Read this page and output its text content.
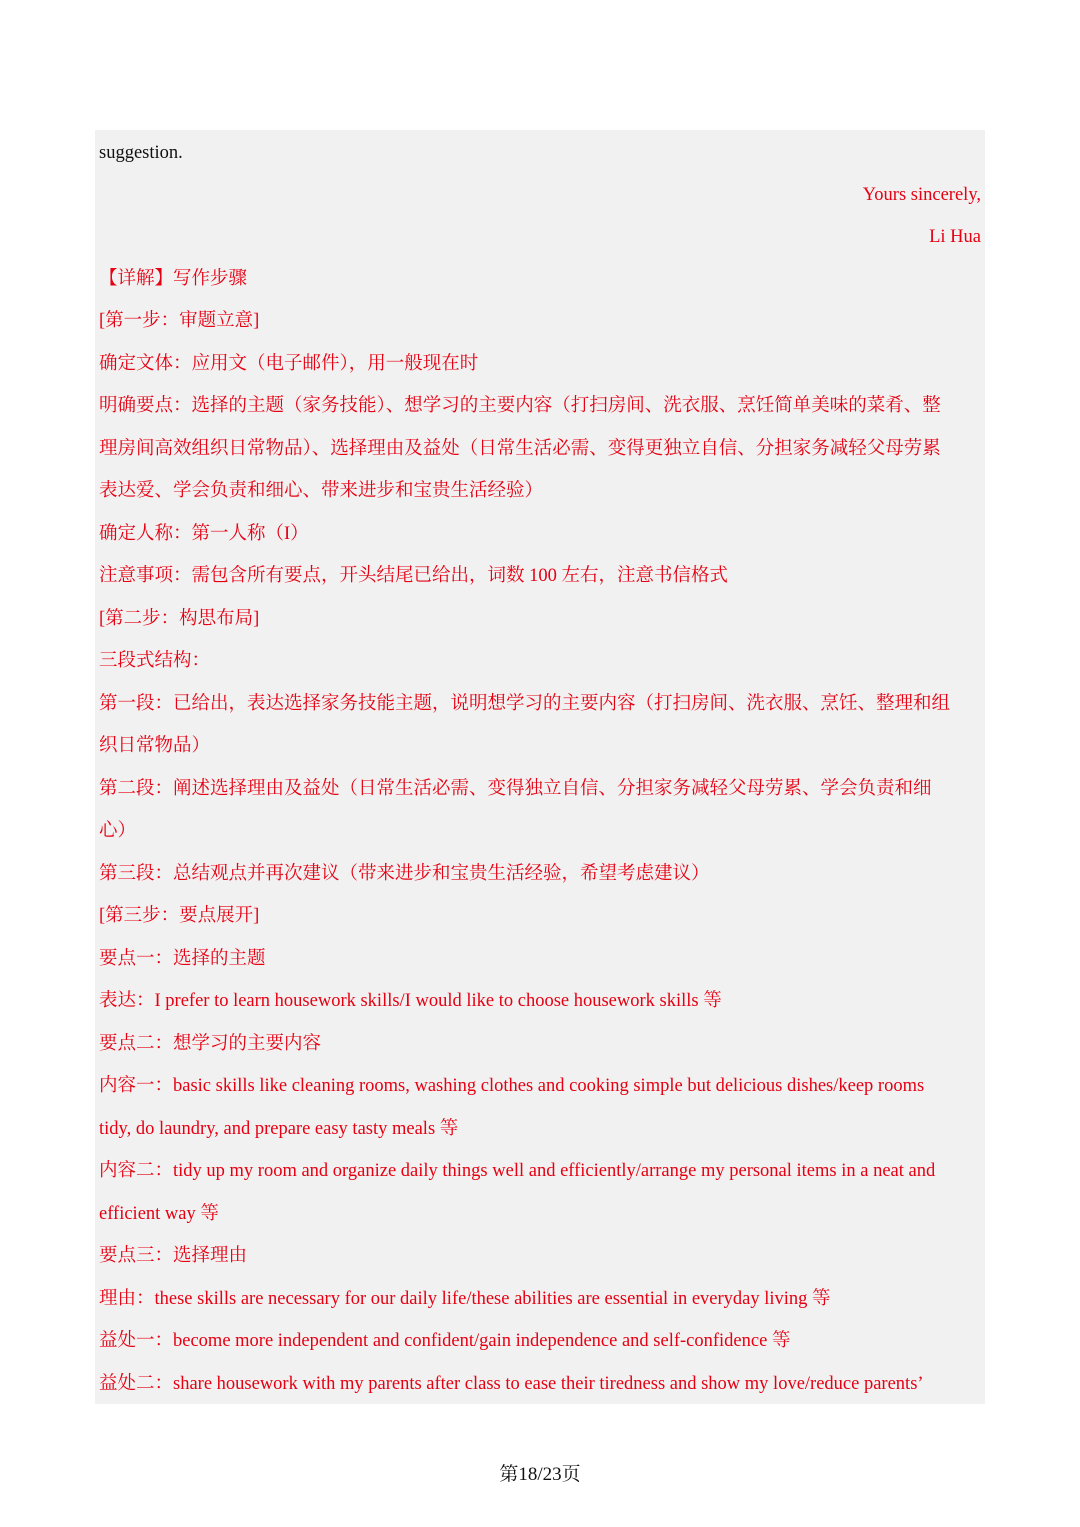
suggestion.
Yours sincerely,
Li Hua
【详解】写作步骤
[第一步：审题立意]
确定文体：应用文（电子邮件），用一般现在时
明确要点：选择的主题（家务技能）、想学习的主要内容（打扫房间、洗衣服、烹饪简单美味的菜肴、整
理房间高效组织日常物品）、选择理由及益处（日常生活必需、变得更独立自信、分担家务减轻父母劳累
表达爱、学会负责和细心、带来进步和宝贵生活经验）
确定人称：第一人称（I）
注意事项：需包含所有要点，开头结尾已给出，词数 100 左右，注意书信格式
[第二步：构思布局]
三段式结构：
第一段：已给出，表达选择家务技能主题，说明想学习的主要内容（打扫房间、洗衣服、烹饪、整理和组
织日常物品）
第二段：阐述选择理由及益处（日常生活必需、变得独立自信、分担家务减轻父母劳累、学会负责和细
心）
第三段：总结观点并再次建议（带来进步和宝贵生活经验，希望考虑建议）
[第三步：要点展开]
要点一：选择的主题
表达：I prefer to learn housework skills/I would like to choose housework skills 等
要点二：想学习的主要内容
内容一：basic skills like cleaning rooms, washing clothes and cooking simple but delicious dishes/keep rooms
tidy, do laundry, and prepare easy tasty meals 等
内容二：tidy up my room and organize daily things well and efficiently/arrange my personal items in a neat and
efficient way 等
要点三：选择理由
理由：these skills are necessary for our daily life/these abilities are essential in everyday living 等
益处一：become more independent and confident/gain independence and self-confidence 等
益处二：share housework with my parents after class to ease their tiredness and show my love/reduce parents’
第18/23页
